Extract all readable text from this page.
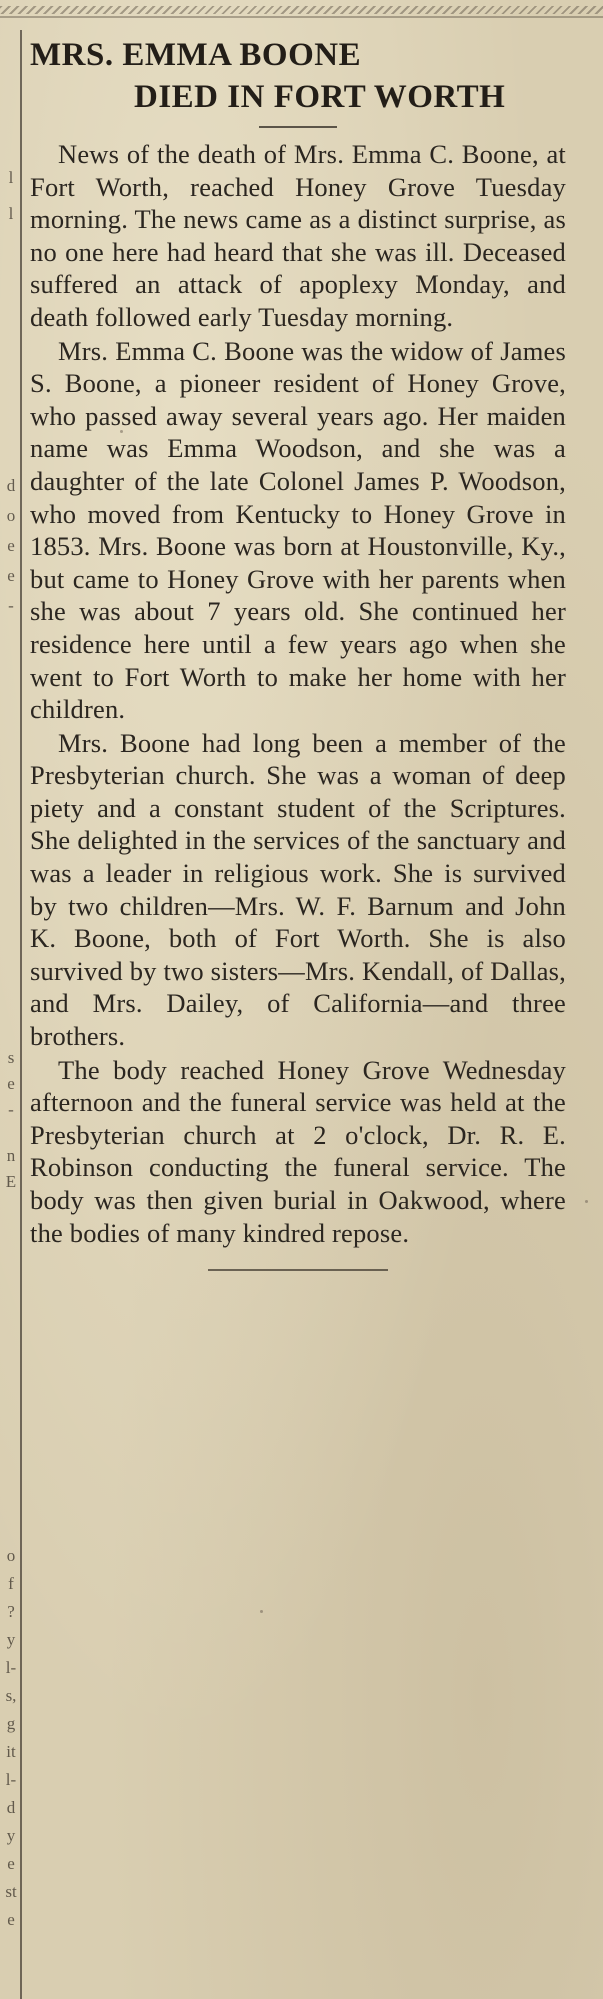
l
l
d
o
e
e
-
s
e
-
n
E
o
f
?
y
l-
s,
g
it
l-
d
y
e
st
e
MRS. EMMA BOONE
DIED IN FORT WORTH

News of the death of Mrs. Emma C. Boone, at Fort Worth, reached Honey Grove Tuesday morning. The news came as a distinct surprise, as no one here had heard that she was ill. Deceased suffered an attack of apoplexy Monday, and death followed early Tuesday morning.

Mrs. Emma C. Boone was the widow of James S. Boone, a pioneer resident of Honey Grove, who passed away several years ago. Her maiden name was Emma Woodson, and she was a daughter of the late Colonel James P. Woodson, who moved from Kentucky to Honey Grove in 1853. Mrs. Boone was born at Houstonville, Ky., but came to Honey Grove with her parents when she was about 7 years old. She continued her residence here until a few years ago when she went to Fort Worth to make her home with her children.

Mrs. Boone had long been a member of the Presbyterian church. She was a woman of deep piety and a constant student of the Scriptures. She delighted in the services of the sanctuary and was a leader in religious work. She is survived by two children—Mrs. W. F. Barnum and John K. Boone, both of Fort Worth. She is also survived by two sisters—Mrs. Kendall, of Dallas, and Mrs. Dailey, of California—and three brothers.

The body reached Honey Grove Wednesday afternoon and the funeral service was held at the Presbyterian church at 2 o'clock, Dr. R. E. Robinson conducting the funeral service. The body was then given burial in Oakwood, where the bodies of many kindred repose.
